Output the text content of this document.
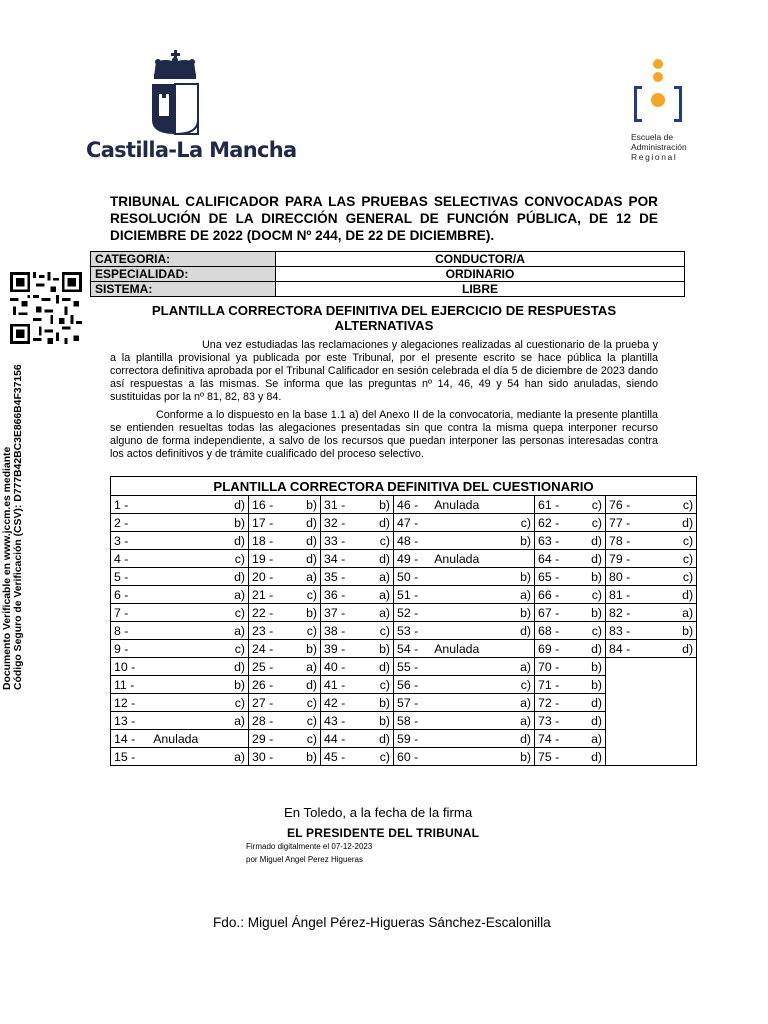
Castilla-La Mancha
Escuela de
Administración
Regional
Documento Verificable en www.jccm.es mediante Código Seguro de Verificación (CSV): D777B42BC3E866B4F37156
TRIBUNAL CALIFICADOR PARA LAS PRUEBAS SELECTIVAS CONVOCADAS POR RESOLUCIÓN DE LA DIRECCIÓN GENERAL DE FUNCIÓN PÚBLICA, DE 12 DE DICIEMBRE DE 2022 (DOCM Nº 244, DE 22 DE DICIEMBRE).
CATEGORIA:	CONDUCTOR/A
ESPECIALIDAD:	ORDINARIO
SISTEMA:	LIBRE
PLANTILLA CORRECTORA DEFINITIVA DEL EJERCICIO DE RESPUESTAS
ALTERNATIVAS
Una vez estudiadas las reclamaciones y alegaciones realizadas al cuestionario de la prueba y a la plantilla provisional ya publicada por este Tribunal, por el presente escrito se hace pública la plantilla correctora definitiva aprobada por el Tribunal Calificador en sesión celebrada el día 5 de diciembre de 2023 dando así respuestas a las mismas. Se informa que las preguntas nº 14, 46, 49 y 54 han sido anuladas, siendo sustituidas por la nº 81, 82, 83 y 84.
Conforme a lo dispuesto en la base 1.1 a) del Anexo II de la convocatoria, mediante la presente plantilla se entienden resueltas todas las alegaciones presentadas sin que contra la misma quepa interponer recurso alguno de forma independiente, a salvo de los recursos que puedan interponer las personas interesadas contra los actos definitivos y de trámite cualificado del proceso selectivo.
PLANTILLA CORRECTORA DEFINITIVA DEL CUESTIONARIO					
1 - d)	16 - b)	31 - b)	46 - Anulada	61 - c)	76 - c)

2 - b)	17 - d)	32 - d)	47 - c)	62 - c)	77 - d)

3 - d)	18 - d)	33 - c)	48 - b)	63 - d)	78 - c)

4 - c)	19 - d)	34 - d)	49 - Anulada	64 - d)	79 - c)

5 - d)	20 - a)	35 - a)	50 - b)	65 - b)	80 - c)

6 - a)	21 - c)	36 - a)	51 - a)	66 - c)	81 - d)

7 - c)	22 - b)	37 - a)	52 - b)	67 - b)	82 - a)

8 - a)	23 - c)	38 - c)	53 - d)	68 - c)	83 - b)

9 - c)	24 - b)	39 - b)	54 - Anulada	69 - d)	84 - d)

10 - d)	25 - a)	40 - d)	55 - a)	70 - b)	

11 - b)	26 - d)	41 - c)	56 - c)	71 - b)	

12 - c)	27 - c)	42 - b)	57 - a)	72 - d)	

13 - a)	28 - c)	43 - b)	58 - a)	73 - d)	

14 - Anulada	29 - c)	44 - d)	59 - d)	74 - a)	

15 - a)	30 - b)	45 - c)	60 - b)	75 - d)	

En Toledo, a la fecha de la firma
EL PRESIDENTE DEL TRIBUNAL
Firmado digitalmente el 07-12-2023
por Miguel Angel Perez Higueras
Fdo.: Miguel Ángel Pérez-Higueras Sánchez-Escalonilla
